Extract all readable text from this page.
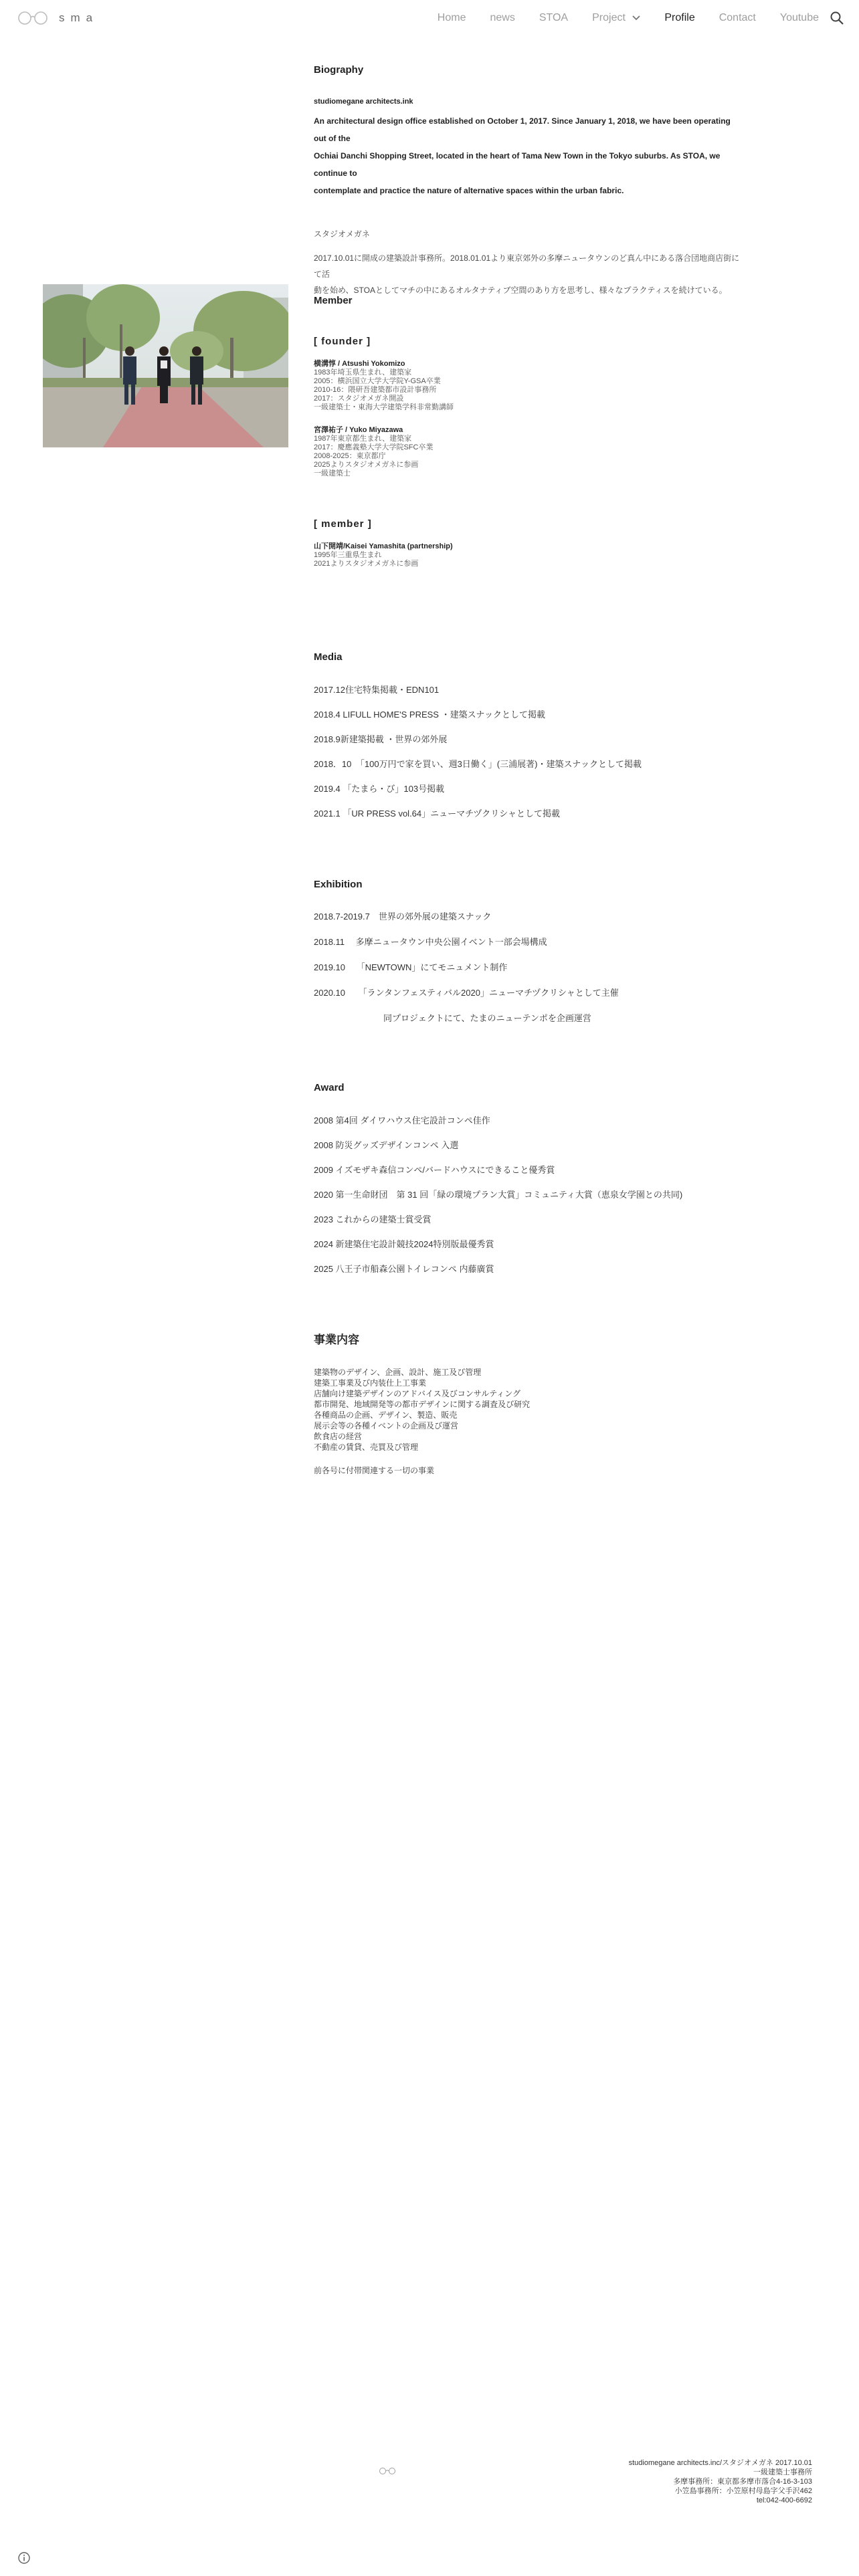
sma	Home news STOA Project	Profile Contact Youtube
Biography
studiomegane architects.ink
An architectural design office established on October 1, 2017. Since January 1, 2018, we have been operating out of the
Ochiai Danchi Shopping Street, located in the heart of Tama New Town in the Tokyo suburbs. As STOA, we continue to
contemplate and practice the nature of alternative spaces within the urban fabric.
スタジオメガネ
2017.10.01に開成の建築設計事務所。2018.01.01より東京郊外の多摩ニュータウンのど真ん中にある落合団地商店街にて活
動を始め、STOAとしてマチの中にあるオルタナティブ空間のあり方を思考し、様々なプラクティスを続けている。
Member
[ founder ]
横溝惇 / Atsushi Yokomizo
1983年埼玉県生まれ、建築家
2005：横浜国立大学大学院Y-GSA卒業
2010-16：隈研吾建築都市設計事務所
2017：スタジオメガネ開設
一級建築士・東海大学建築学科非常勤講師
宮澤祐子 / Yuko Miyazawa
1987年東京都生まれ、建築家
2017：慶應義塾大学大学院SFC卒業
2008-2025：東京都庁
2025よりスタジオメガネに参画
一級建築士
[ member ]
山下開靖/Kaisei Yamashita (partnership)
1995年三重県生まれ
2021よりスタジオメガネに参画
Media
2017.12住宅特集掲載・EDN101
2018.4 LIFULL HOME'S PRESS ・建築スナックとして掲載
2018.9新建築掲載 ・世界の郊外展
2018．10　「100万円で家を買い、週3日働く」(三浦展著)・建築スナックとして掲載
2019.4 「たまら・び」103号掲載
2021.1 「UR PRESS vol.64」ニューマチヅクリシャとして掲載
Exhibition
2018.7-2019.7　世界の郊外展の建築スナック
2018.11　 多摩ニュータウン中央公園イベント一部会場構成
2019.10　 「NEWTOWN」にてモニュメント制作
2020.10　　「ランタンフェスティバル2020」ニューマチヅクリシャとして主催
同プロジェクトにて、たまのニューテンポを企画運営
Award
2008 第4回 ダイワハウス住宅設計コンペ佳作
2008 防災グッズデザインコンペ 入選
2009 イズモザキ森信コンペ/バードハウスにできること優秀賞
2020 第一生命財団　第 31 回「緑の環境プラン大賞」コミュニティ大賞（恵泉女学園との共同)
2023 これからの建築士賞受賞
2024 新建築住宅設計競技2024特別版最優秀賞
2025 八王子市船森公園トイレコンペ 内藤廣賞
事業内容
建築物のデザイン、企画、設計、施工及び管理
建築工事業及び内装仕上工事業
店舗向け建築デザインのアドバイス及びコンサルティング
都市開発、地域開発等の都市デザインに関する調査及び研究
各種商品の企画、デザイン、製造、販売
展示会等の各種イベントの企画及び運営
飲食店の経営
不動産の賃貸、売買及び管理
前各号に付帯関連する一切の事業
studiomegane architects.inc/スタジオメガネ 2017.10.01
一級建築士事務所
多摩事務所：東京都多摩市落合4-16-3-103
小笠島事務所：小笠原村母島字父手沢462
tel:042-400-6692
